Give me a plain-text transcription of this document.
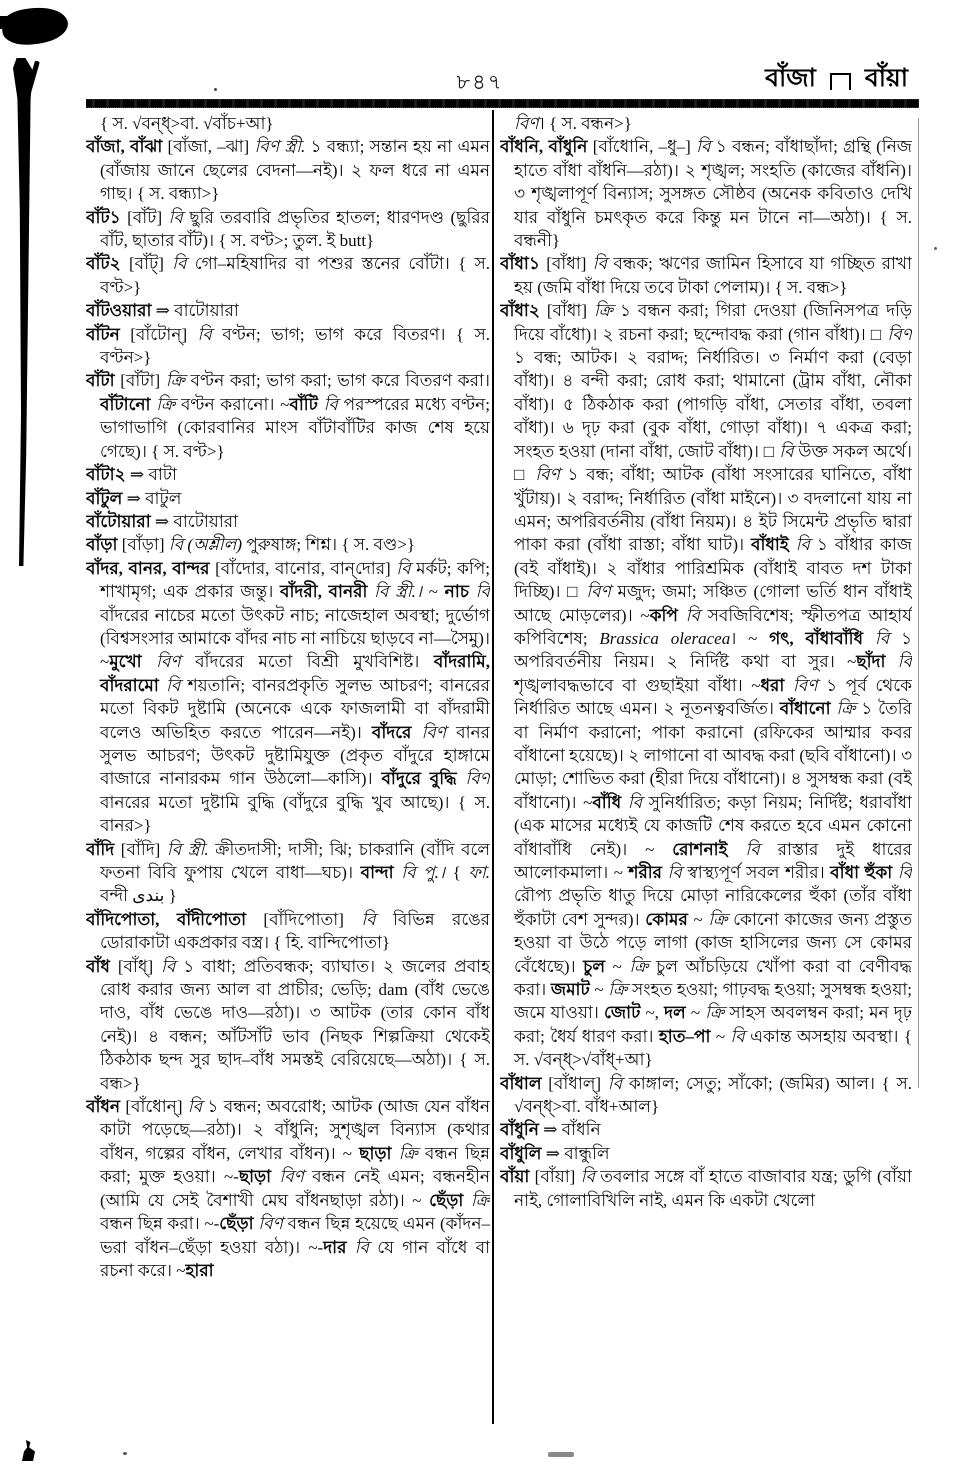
৮৪৭	বাঁজা বাঁয়া

{ স. √বন্ধ্>বা. √বাঁচ+আ}

বাঁজা, বাঁঝা [বাঁজা, –ঝা] বিণ স্ত্রী. ১ বন্ধ্যা; সন্তান হয় না এমন (বাঁজায় জানে ছেলের বেদনা—নই)। ২ ফল ধরে না এমন গাছ। { স. বন্ধ্যা>}

বাঁট১ [বাঁট] বি ছুরি তরবারি প্রভৃতির হাতল; ধারণদণ্ড (ছুরির বাঁট, ছাতার বাঁট)। { স. বণ্ট>; তুল. ই butt}

বাঁট২ [বাঁট্] বি গো–মহিষাদির বা পশুর স্তনের বোঁটা। { স. বণ্ট>}

বাঁটওয়ারা ⇒ বাটোয়ারা

বাঁটন [বাঁটোন্] বি বণ্টন; ভাগ; ভাগ করে বিতরণ। { স. বণ্টন>}

বাঁটা [বাঁটা] ক্রি বণ্টন করা; ভাগ করা; ভাগ করে বিতরণ করা। বাঁটানো ক্রি বণ্টন করানো। ~বাঁটি বি পরস্পরের মধ্যে বণ্টন; ভাগাভাগি (কোরবানির মাংস বাঁটাবাঁটির কাজ শেষ হয়ে গেছে)। { স. বণ্ট>}

বাঁটা২ ⇒ বাটা

বাঁটুল ⇒ বাটুল

বাঁটোয়ারা ⇒ বাটোয়ারা

বাঁড়া [বাঁড়া] বি (অশ্লীল) পুরুষাঙ্গ; শিশ্ন। { স. বণ্ড>}

বাঁদর, বানর, বান্দর [বাঁদোর, বানোর, বান্‌দোর] বি মর্কট; কপি; শাখামৃগ; এক প্রকার জন্তু। বাঁদরী, বানরী বি স্ত্রী.। ~ নাচ বি বাঁদরের নাচের মতো উৎকট নাচ; নাজেহাল অবস্থা; দুর্ভোগ (বিশ্বসংসার আমাকে বাঁদর নাচ না নাচিয়ে ছাড়বে না—সৈমু)। ~মুখো বিণ বাঁদরের মতো বিশ্রী মুখবিশিষ্ট। বাঁদরামি, বাঁদরামো বি শয়তানি; বানরপ্রকৃতি সুলভ আচরণ; বানরের মতো বিকট দুষ্টামি (অনেকে একে ফাজলামী বা বাঁদরামী বলেও অভিহিত করতে পারেন—নই)। বাঁদরে বিণ বানর সুলভ আচরণ; উৎকট দুষ্টামিযুক্ত (প্রকৃত বাঁদুরে হাঙ্গামে বাজারে নানারকম গান উঠলো—কাসি)। বাঁদুরে বুদ্ধি বিণ বানরের মতো দুষ্টামি বুদ্ধি (বাঁদুরে বুদ্ধি খুব আছে)। { স. বানর>}

বাঁদি [বাঁদি] বি স্ত্রী. ক্রীতদাসী; দাসী; ঝি; চাকরানি (বাঁদি বলে ফতনা বিবি ফুপায় খেলে বাধা—ঘচ)। বান্দা বি পু.। { ফা. বন্দী بندى }

বাঁদিপোতা, বাঁদীপোতা [বাঁদিপোতা] বি বিভিন্ন রঙের ডোরাকাটা একপ্রকার বস্ত্র। { হি. বান্দিপোতা}

বাঁধ [বাঁধ্] বি ১ বাধা; প্রতিবন্ধক; ব্যাঘাত। ২ জলের প্রবাহ রোধ করার জন্য আল বা প্রাচীর; ভেড়ি; dam (বাঁধ ভেঙে দাও, বাঁধ ভেঙে দাও—রঠা)। ৩ আটক (তার কোন বাঁধ নেই)। ৪ বন্ধন; আঁটসাঁট ভাব (নিছক শিল্পক্রিয়া থেকেই ঠিকঠাক ছন্দ সুর ছাদ–বাঁধ সমস্তই বেরিয়েছে—অঠা)। { স. বন্ধ>}

বাঁধন [বাঁধোন্] বি ১ বন্ধন; অবরোধ; আটক (আজ যেন বাঁধন কাটা পড়েছে—রঠা)। ২ বাঁধুনি; সুশৃঙ্খল বিন্যাস (কথার বাঁধন, গল্পের বাঁধন, লেখার বাঁধন)। ~ ছাড়া ক্রি বন্ধন ছিন্ন করা; মুক্ত হওয়া। ~-ছাড়া বিণ বন্ধন নেই এমন; বন্ধনহীন (আমি যে সেই বৈশাখী মেঘ বাঁধনছাড়া রঠা)। ~ ছেঁড়া ক্রি বন্ধন ছিন্ন করা। ~-ছেঁড়া বিণ বন্ধন ছিন্ন হয়েছে এমন (কাঁদন–ভরা বাঁধন–ছেঁড়া হওয়া বঠা)। ~-দার বি যে গান বাঁধে বা রচনা করে। ~হারা

বিণ। { স. বন্ধন>}

বাঁধনি, বাঁধুনি [বাঁধোনি, –ধু–] বি ১ বন্ধন; বাঁধাছাঁদা; গ্রন্থি (নিজ হাতে বাঁধা বাঁধনি—রঠা)। ২ শৃঙ্খল; সংহতি (কাজের বাঁধনি)। ৩ শৃঙ্খলাপূর্ণ বিন্যাস; সুসঙ্গত সৌষ্ঠব (অনেক কবিতাও দেখি যার বাঁধুনি চমৎকৃত করে কিন্তু মন টানে না—অঠা)। { স. বন্ধনী}

বাঁধা১ [বাঁধা] বি বন্ধক; ঋণের জামিন হিসাবে যা গচ্ছিত রাখা হয় (জমি বাঁধা দিয়ে তবে টাকা পেলাম)। { স. বন্ধ>}

বাঁধা২ [বাঁধা] ক্রি ১ বন্ধন করা; গিরা দেওয়া (জিনিসপত্র দড়ি দিয়ে বাঁধো)। ২ রচনা করা; ছন্দোবদ্ধ করা (গান বাঁধা)। □ বিণ ১ বন্ধ; আটক। ২ বরাদ্দ; নির্ধারিত। ৩ নির্মাণ করা (বেড়া বাঁধা)। ৪ বন্দী করা; রোধ করা; থামানো (ট্রাম বাঁধা, নৌকা বাঁধা)। ৫ ঠিকঠাক করা (পাগড়ি বাঁধা, সেতার বাঁধা, তবলা বাঁধা)। ৬ দৃঢ় করা (বুক বাঁধা, গোড়া বাঁধা)। ৭ একত্র করা; সংহত হওয়া (দানা বাঁধা, জোট বাঁধা)। □ বি উক্ত সকল অর্থে। □ বিণ ১ বন্ধ; বাঁধা; আটক (বাঁধা সংসারের ঘানিতে, বাঁধা খুঁটায়)। ২ বরাদ্দ; নির্ধারিত (বাঁধা মাইনে)। ৩ বদলানো যায় না এমন; অপরিবর্তনীয় (বাঁধা নিয়ম)। ৪ ইট সিমেন্ট প্রভৃতি দ্বারা পাকা করা (বাঁধা রাস্তা; বাঁধা ঘাট)। বাঁধাই বি ১ বাঁধার কাজ (বই বাঁধাই)। ২ বাঁধার পারিশ্রমিক (বাঁধাই বাবত দশ টাকা দিচ্ছি)। □ বিণ মজুদ; জমা; সঞ্চিত (গোলা ভর্তি ধান বাঁধাই আছে মোড়লের)। ~কপি বি সবজিবিশেষ; স্ফীতপত্র আহার্য কপিবিশেষ; Brassica oleracea। ~ গৎ, বাঁধাবাঁধি বি ১ অপরিবর্তনীয় নিয়ম। ২ নির্দিষ্ট কথা বা সুর। ~ছাঁদা বি শৃঙ্খলাবদ্ধভাবে বা গুছাইয়া বাঁধা। ~ধরা বিণ ১ পূর্ব থেকে নির্ধারিত আছে এমন। ২ নূতনত্ববর্জিত। বাঁধানো ক্রি ১ তৈরি বা নির্মাণ করানো; পাকা করানো (রফিকের আম্মার কবর বাঁধানো হয়েছে)। ২ লাগানো বা আবদ্ধ করা (ছবি বাঁধানো)। ৩ মোড়া; শোভিত করা (হীরা দিয়ে বাঁধানো)। ৪ সুসম্বন্ধ করা (বই বাঁধানো)। ~বাঁধি বি সুনির্ধারিত; কড়া নিয়ম; নির্দিষ্ট; ধরাবাঁধা (এক মাসের মধ্যেই যে কাজটি শেষ করতে হবে এমন কোনো বাঁধাবাঁধি নেই)। ~ রোশনাই বি রাস্তার দুই ধারের আলোকমালা। ~ শরীর বি স্বাস্থ্যপূর্ণ সবল শরীর। বাঁধা হুঁকা বি রৌপ্য প্রভৃতি ধাতু দিয়ে মোড়া নারিকেলের হুঁকা (তাঁর বাঁধা হুঁকাটা বেশ সুন্দর)। কোমর ~ ক্রি কোনো কাজের জন্য প্রস্তুত হওয়া বা উঠে পড়ে লাগা (কাজ হাসিলের জন্য সে কোমর বেঁধেছে)। চুল ~ ক্রি চুল আঁচড়িয়ে খোঁপা করা বা বেণীবদ্ধ করা। জমাট ~ ক্রি সংহত হওয়া; গাঢ়বদ্ধ হওয়া; সুসম্বন্ধ হওয়া; জমে যাওয়া। জোট ~, দল ~ ক্রি সাহস অবলম্বন করা; মন দৃঢ় করা; ধৈর্য ধারণ করা। হাত–পা ~ বি একান্ত অসহায় অবস্থা। { স. √বন্ধ্>√বাঁধ্+আ}

বাঁধাল [বাঁধাল্] বি কাঙ্গাল; সেতু; সাঁকো; (জমির) আল। { স. √বন্ধ্>বা. বাঁধ+আল}

বাঁধুনি ⇒ বাঁধনি

বাঁধুলি ⇒ বান্ধুলি

বাঁয়া [বাঁয়া] বি তবলার সঙ্গে বাঁ হাতে বাজাবার যন্ত্র; ডুগি (বাঁয়া নাই, গোলাবিখিলি নাই, এমন কি একটা খেলো
